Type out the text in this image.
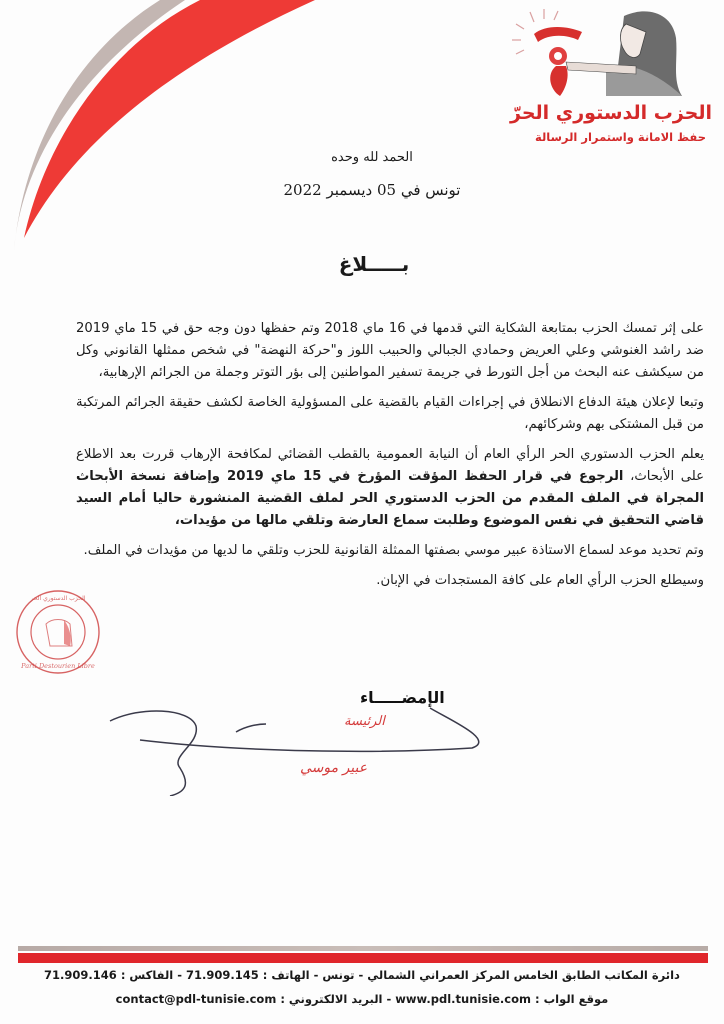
الحزب الدستوري الحرّ
حفظ الامانة واستمرار الرسالة
الحمد لله وحده
تونس في 05 ديسمبر 2022
بـــــلاغ

على إثر تمسك الحزب بمتابعة الشكاية التي قدمها في 16 ماي 2018 وتم حفظها دون وجه حق في 15 ماي 2019 ضد راشد الغنوشي وعلي العريض وحمادي الجبالي والحبيب اللوز و"حركة النهضة" في شخص ممثلها القانوني وكل من سيكشف عنه البحث من أجل التورط في جريمة تسفير المواطنين إلى بؤر التوتر وجملة من الجرائم الإرهابية،

وتبعا لإعلان هيئة الدفاع الانطلاق في إجراءات القيام بالقضية على المسؤولية الخاصة لكشف حقيقة الجرائم المرتكبة من قبل المشتكى بهم وشركائهم،

يعلم الحزب الدستوري الحر الرأي العام أن النيابة العمومية بالقطب القضائي لمكافحة الإرهاب قررت بعد الاطلاع على الأبحاث، الرجوع في قرار الحفظ المؤقت المؤرخ في 15 ماي 2019 وإضافة نسخة الأبحاث المجراة في الملف المقدم من الحزب الدستوري الحر لملف القضية المنشورة حاليا أمام السيد قاضي التحقيق في نفس الموضوع وطلبت سماع العارضة وتلقي مالها من مؤيدات،

وتم تحديد موعد لسماع الاستاذة عبير موسي بصفتها الممثلة القانونية للحزب وتلقي ما لديها من مؤيدات في الملف.

وسيطلع الحزب الرأي العام على كافة المستجدات في الإبان.

الحزب الدستوري الحر
Parti Destourien Libre
الإمضـــــاء
الرئيسة
عبير موسي
دائرة المكاتب الطابق الخامس المركز العمراني الشمالي - تونس - الهاتف : 71.909.145 - الفاكس : 71.909.146
موقع الواب : www.pdl.tunisie.com - البريد الالكتروني : contact@pdl-tunisie.com
